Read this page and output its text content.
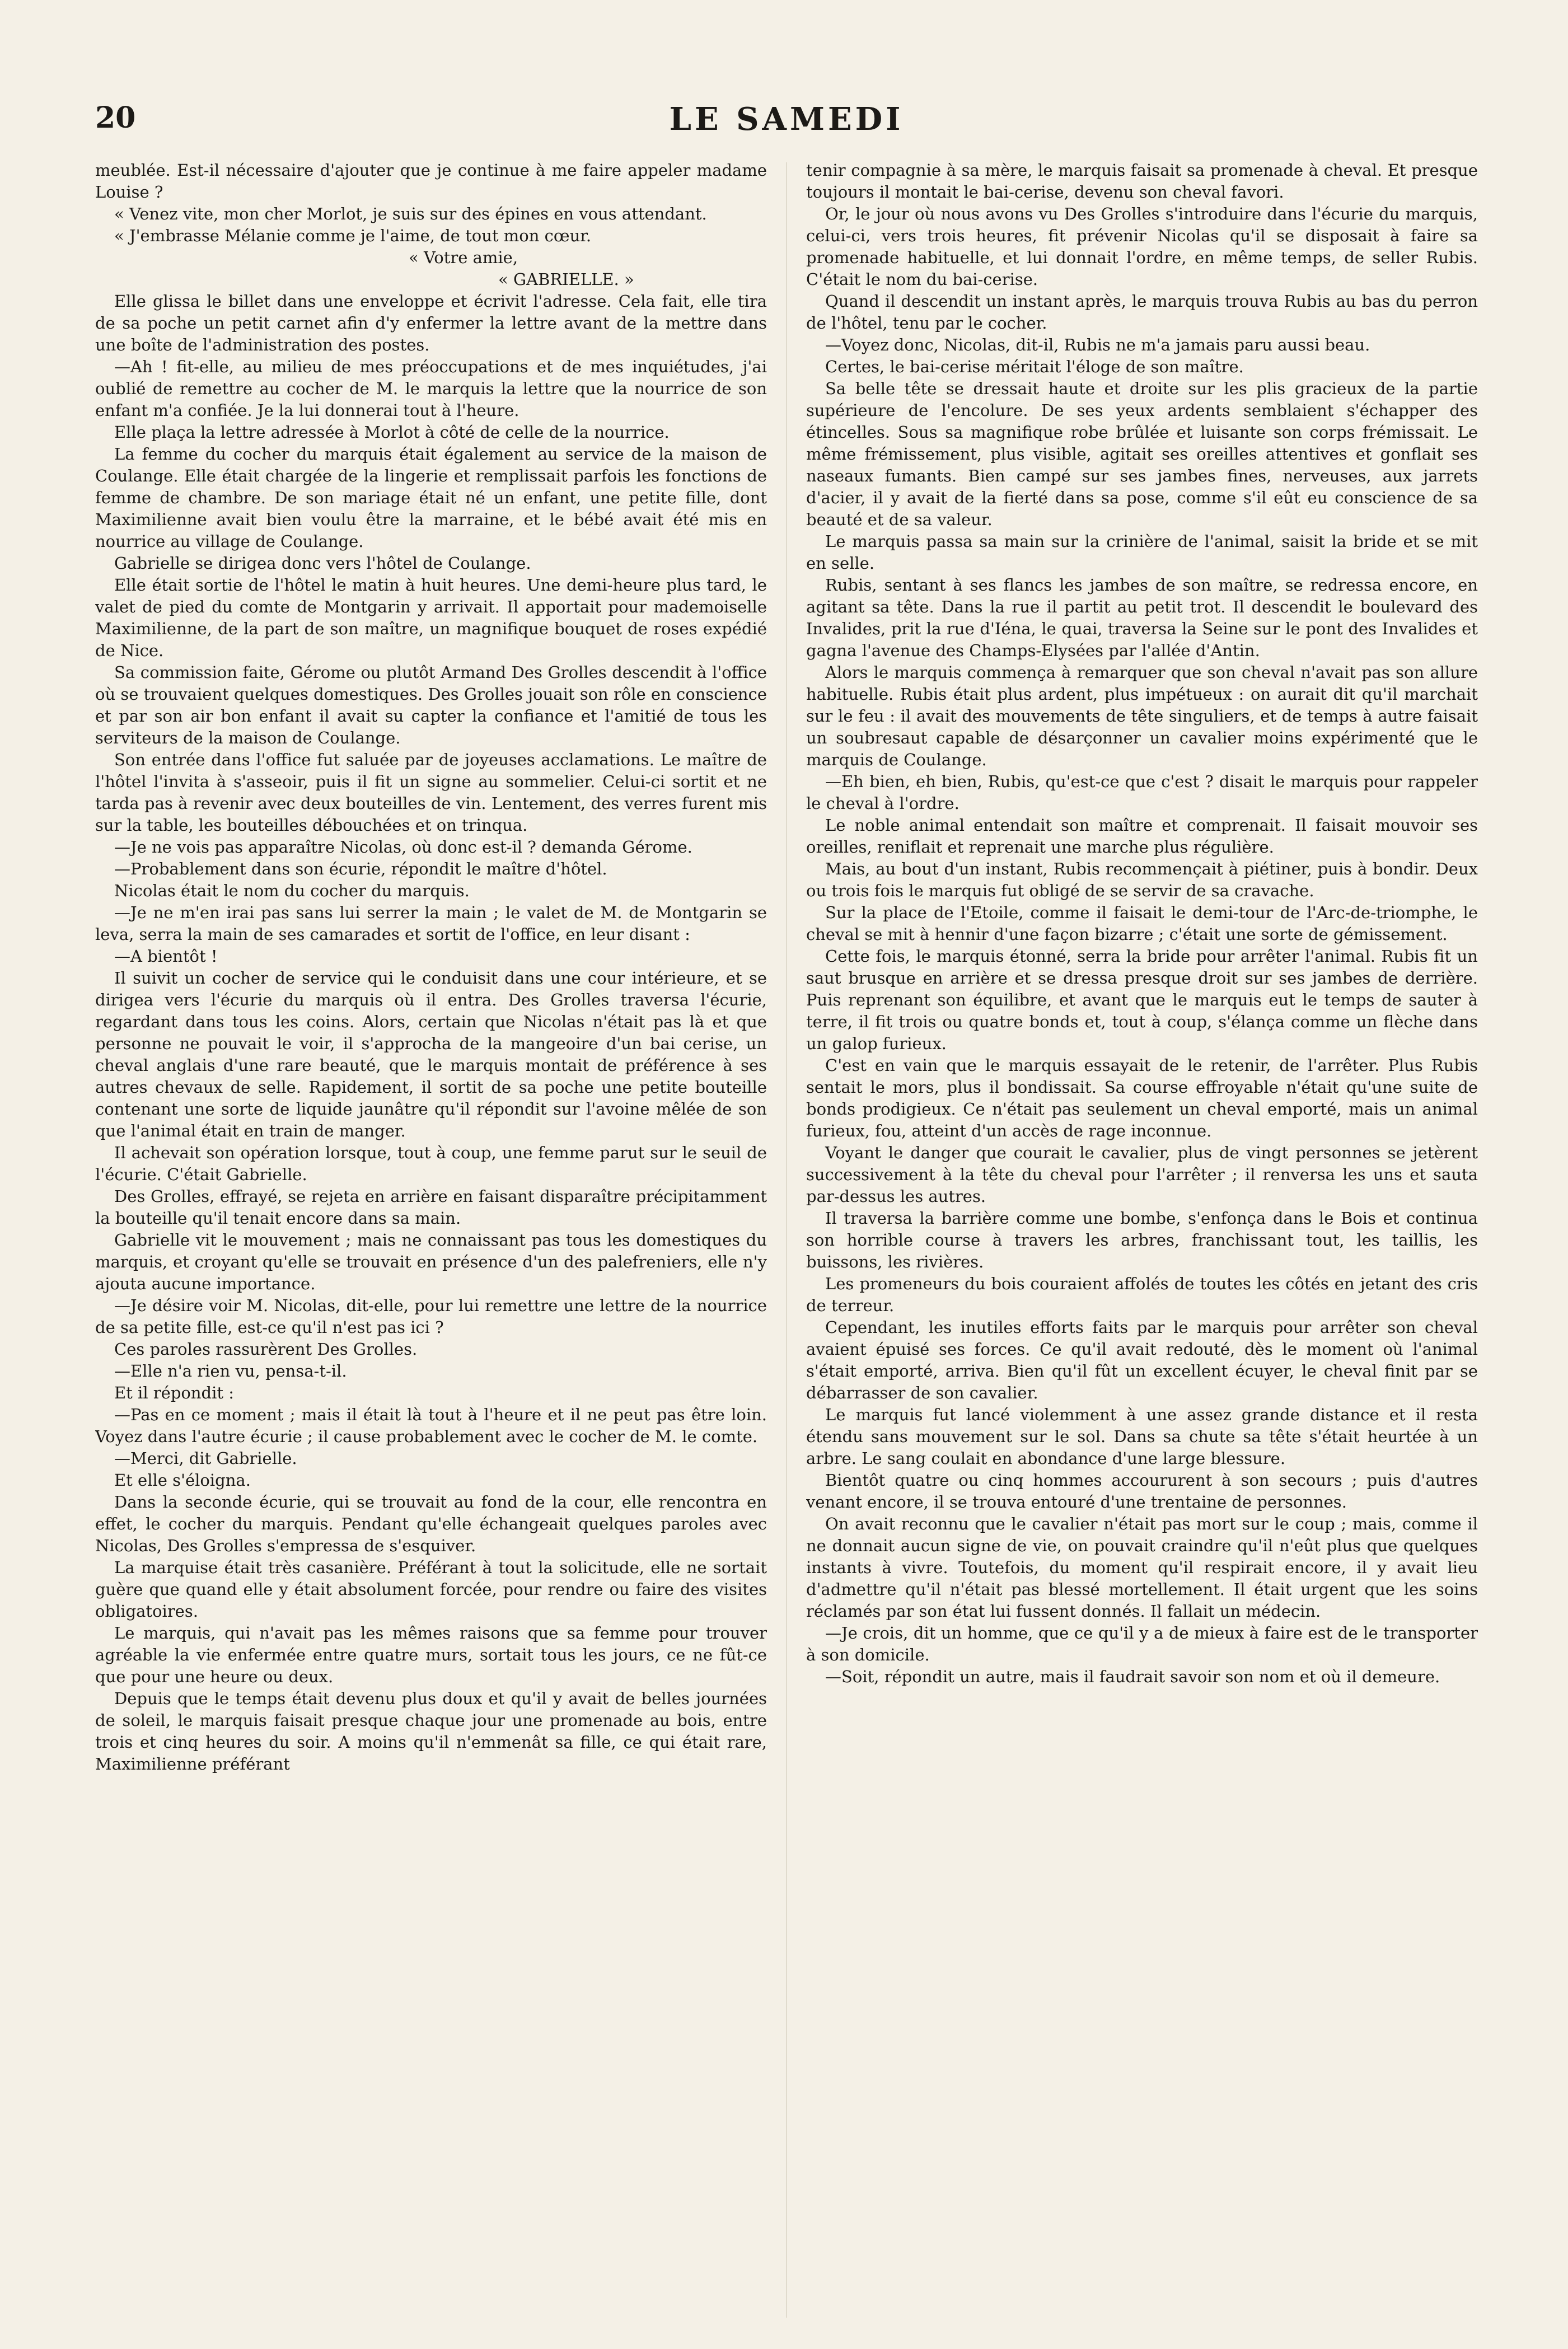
20	LE SAMEDI

meublée. Est-il nécessaire d'ajouter que je continue à me faire appeler madame Louise ?

« Venez vite, mon cher Morlot, je suis sur des épines en vous attendant.

« J'embrasse Mélanie comme je l'aime, de tout mon cœur.

« Votre amie,

« GABRIELLE. »

Elle glissa le billet dans une enveloppe et écrivit l'adresse. Cela fait, elle tira de sa poche un petit carnet afin d'y enfermer la lettre avant de la mettre dans une boîte de l'administration des postes.

—Ah ! fit-elle, au milieu de mes préoccupations et de mes inquiétudes, j'ai oublié de remettre au cocher de M. le marquis la lettre que la nourrice de son enfant m'a confiée. Je la lui donnerai tout à l'heure.

Elle plaça la lettre adressée à Morlot à côté de celle de la nourrice.

La femme du cocher du marquis était également au service de la maison de Coulange. Elle était chargée de la lingerie et remplissait parfois les fonctions de femme de chambre. De son mariage était né un enfant, une petite fille, dont Maximilienne avait bien voulu être la marraine, et le bébé avait été mis en nourrice au village de Coulange.

Gabrielle se dirigea donc vers l'hôtel de Coulange.

Elle était sortie de l'hôtel le matin à huit heures. Une demi-heure plus tard, le valet de pied du comte de Montgarin y arrivait. Il apportait pour mademoiselle Maximilienne, de la part de son maître, un magnifique bouquet de roses expédié de Nice.

Sa commission faite, Gérome ou plutôt Armand Des Grolles descendit à l'office où se trouvaient quelques domestiques. Des Grolles jouait son rôle en conscience et par son air bon enfant il avait su capter la confiance et l'amitié de tous les serviteurs de la maison de Coulange.

Son entrée dans l'office fut saluée par de joyeuses acclamations. Le maître de l'hôtel l'invita à s'asseoir, puis il fit un signe au sommelier. Celui-ci sortit et ne tarda pas à revenir avec deux bouteilles de vin. Lentement, des verres furent mis sur la table, les bouteilles débouchées et on trinqua.

—Je ne vois pas apparaître Nicolas, où donc est-il ? demanda Gérome.

—Probablement dans son écurie, répondit le maître d'hôtel.

Nicolas était le nom du cocher du marquis.

—Je ne m'en irai pas sans lui serrer la main ; le valet de M. de Montgarin se leva, serra la main de ses camarades et sortit de l'office, en leur disant :

—A bientôt !

Il suivit un cocher de service qui le conduisit dans une cour intérieure, et se dirigea vers l'écurie du marquis où il entra. Des Grolles traversa l'écurie, regardant dans tous les coins. Alors, certain que Nicolas n'était pas là et que personne ne pouvait le voir, il s'approcha de la mangeoire d'un bai cerise, un cheval anglais d'une rare beauté, que le marquis montait de préférence à ses autres chevaux de selle. Rapidement, il sortit de sa poche une petite bouteille contenant une sorte de liquide jaunâtre qu'il répondit sur l'avoine mêlée de son que l'animal était en train de manger.

Il achevait son opération lorsque, tout à coup, une femme parut sur le seuil de l'écurie. C'était Gabrielle.

Des Grolles, effrayé, se rejeta en arrière en faisant disparaître précipitamment la bouteille qu'il tenait encore dans sa main.

Gabrielle vit le mouvement ; mais ne connaissant pas tous les domestiques du marquis, et croyant qu'elle se trouvait en présence d'un des palefreniers, elle n'y ajouta aucune importance.

—Je désire voir M. Nicolas, dit-elle, pour lui remettre une lettre de la nourrice de sa petite fille, est-ce qu'il n'est pas ici ?

Ces paroles rassurèrent Des Grolles.

—Elle n'a rien vu, pensa-t-il.

Et il répondit :

—Pas en ce moment ; mais il était là tout à l'heure et il ne peut pas être loin. Voyez dans l'autre écurie ; il cause probablement avec le cocher de M. le comte.

—Merci, dit Gabrielle.

Et elle s'éloigna.

Dans la seconde écurie, qui se trouvait au fond de la cour, elle rencontra en effet, le cocher du marquis. Pendant qu'elle échangeait quelques paroles avec Nicolas, Des Grolles s'empressa de s'esquiver.

La marquise était très casanière. Préférant à tout la solicitude, elle ne sortait guère que quand elle y était absolument forcée, pour rendre ou faire des visites obligatoires.

Le marquis, qui n'avait pas les mêmes raisons que sa femme pour trouver agréable la vie enfermée entre quatre murs, sortait tous les jours, ce ne fût-ce que pour une heure ou deux.

Depuis que le temps était devenu plus doux et qu'il y avait de belles journées de soleil, le marquis faisait presque chaque jour une promenade au bois, entre trois et cinq heures du soir. A moins qu'il n'emmenât sa fille, ce qui était rare, Maximilienne préférant

tenir compagnie à sa mère, le marquis faisait sa promenade à cheval. Et presque toujours il montait le bai-cerise, devenu son cheval favori.

Or, le jour où nous avons vu Des Grolles s'introduire dans l'écurie du marquis, celui-ci, vers trois heures, fit prévenir Nicolas qu'il se disposait à faire sa promenade habituelle, et lui donnait l'ordre, en même temps, de seller Rubis. C'était le nom du bai-cerise.

Quand il descendit un instant après, le marquis trouva Rubis au bas du perron de l'hôtel, tenu par le cocher.

—Voyez donc, Nicolas, dit-il, Rubis ne m'a jamais paru aussi beau.

Certes, le bai-cerise méritait l'éloge de son maître.

Sa belle tête se dressait haute et droite sur les plis gracieux de la partie supérieure de l'encolure. De ses yeux ardents semblaient s'échapper des étincelles. Sous sa magnifique robe brûlée et luisante son corps frémissait. Le même frémissement, plus visible, agitait ses oreilles attentives et gonflait ses naseaux fumants. Bien campé sur ses jambes fines, nerveuses, aux jarrets d'acier, il y avait de la fierté dans sa pose, comme s'il eût eu conscience de sa beauté et de sa valeur.

Le marquis passa sa main sur la crinière de l'animal, saisit la bride et se mit en selle.

Rubis, sentant à ses flancs les jambes de son maître, se redressa encore, en agitant sa tête. Dans la rue il partit au petit trot. Il descendit le boulevard des Invalides, prit la rue d'Iéna, le quai, traversa la Seine sur le pont des Invalides et gagna l'avenue des Champs-Elysées par l'allée d'Antin.

Alors le marquis commença à remarquer que son cheval n'avait pas son allure habituelle. Rubis était plus ardent, plus impétueux : on aurait dit qu'il marchait sur le feu : il avait des mouvements de tête singuliers, et de temps à autre faisait un soubresaut capable de désarçonner un cavalier moins expérimenté que le marquis de Coulange.

—Eh bien, eh bien, Rubis, qu'est-ce que c'est ? disait le marquis pour rappeler le cheval à l'ordre.

Le noble animal entendait son maître et comprenait. Il faisait mouvoir ses oreilles, reniflait et reprenait une marche plus régulière.

Mais, au bout d'un instant, Rubis recommençait à piétiner, puis à bondir. Deux ou trois fois le marquis fut obligé de se servir de sa cravache.

Sur la place de l'Etoile, comme il faisait le demi-tour de l'Arc-de-triomphe, le cheval se mit à hennir d'une façon bizarre ; c'était une sorte de gémissement.

Cette fois, le marquis étonné, serra la bride pour arrêter l'animal. Rubis fit un saut brusque en arrière et se dressa presque droit sur ses jambes de derrière. Puis reprenant son équilibre, et avant que le marquis eut le temps de sauter à terre, il fit trois ou quatre bonds et, tout à coup, s'élança comme un flèche dans un galop furieux.

C'est en vain que le marquis essayait de le retenir, de l'arrêter. Plus Rubis sentait le mors, plus il bondissait. Sa course effroyable n'était qu'une suite de bonds prodigieux. Ce n'était pas seulement un cheval emporté, mais un animal furieux, fou, atteint d'un accès de rage inconnue.

Voyant le danger que courait le cavalier, plus de vingt personnes se jetèrent successivement à la tête du cheval pour l'arrêter ; il renversa les uns et sauta par-dessus les autres.

Il traversa la barrière comme une bombe, s'enfonça dans le Bois et continua son horrible course à travers les arbres, franchissant tout, les taillis, les buissons, les rivières.

Les promeneurs du bois couraient affolés de toutes les côtés en jetant des cris de terreur.

Cependant, les inutiles efforts faits par le marquis pour arrêter son cheval avaient épuisé ses forces. Ce qu'il avait redouté, dès le moment où l'animal s'était emporté, arriva. Bien qu'il fût un excellent écuyer, le cheval finit par se débarrasser de son cavalier.

Le marquis fut lancé violemment à une assez grande distance et il resta étendu sans mouvement sur le sol. Dans sa chute sa tête s'était heurtée à un arbre. Le sang coulait en abondance d'une large blessure.

Bientôt quatre ou cinq hommes accoururent à son secours ; puis d'autres venant encore, il se trouva entouré d'une trentaine de personnes.

On avait reconnu que le cavalier n'était pas mort sur le coup ; mais, comme il ne donnait aucun signe de vie, on pouvait craindre qu'il n'eût plus que quelques instants à vivre. Toutefois, du moment qu'il respirait encore, il y avait lieu d'admettre qu'il n'était pas blessé mortellement. Il était urgent que les soins réclamés par son état lui fussent donnés. Il fallait un médecin.

—Je crois, dit un homme, que ce qu'il y a de mieux à faire est de le transporter à son domicile.

—Soit, répondit un autre, mais il faudrait savoir son nom et où il demeure.
